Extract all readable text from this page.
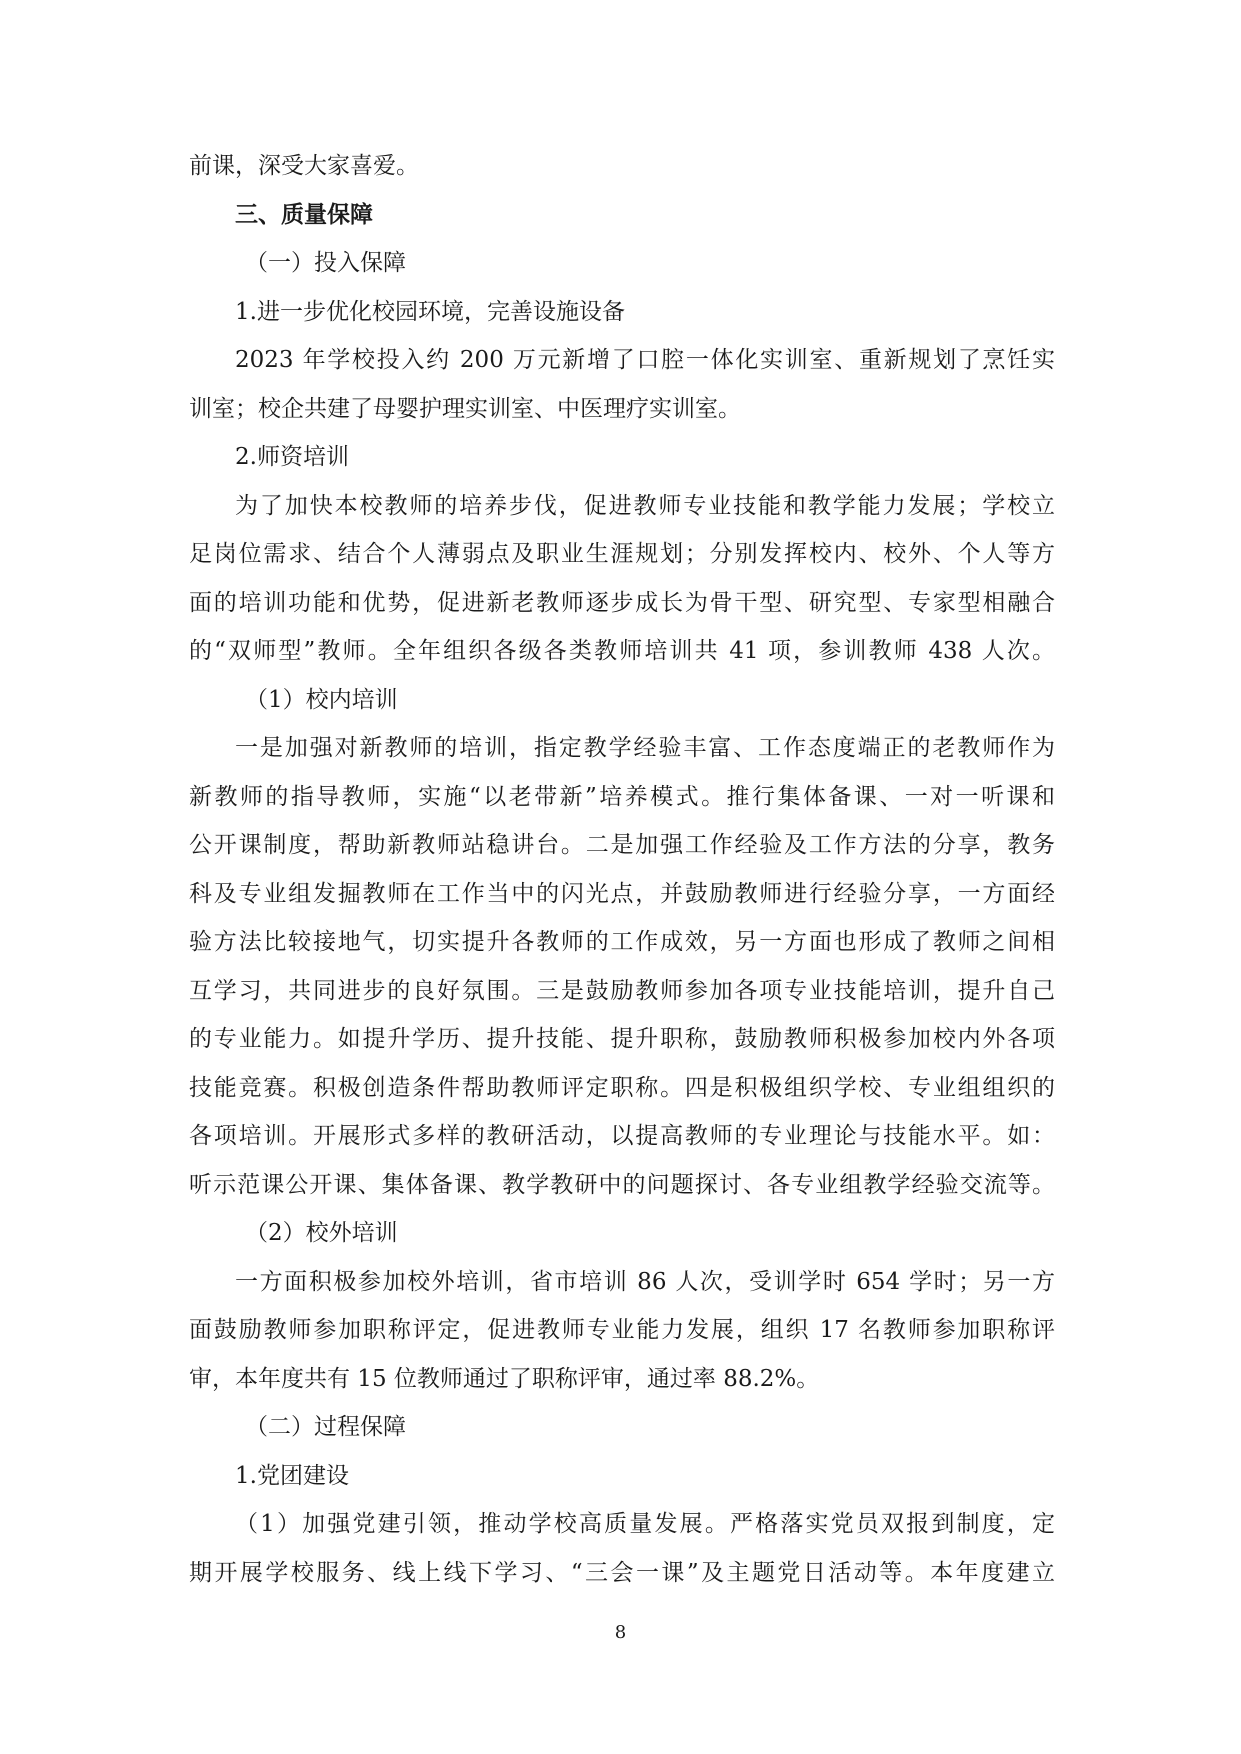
前课，深受大家喜爱。
三、质量保障
（一）投入保障
1.进一步优化校园环境，完善设施设备
2023 年学校投入约 200 万元新增了口腔一体化实训室、重新规划了烹饪实
训室；校企共建了母婴护理实训室、中医理疗实训室。
2.师资培训
为了加快本校教师的培养步伐，促进教师专业技能和教学能力发展；学校立
足岗位需求、结合个人薄弱点及职业生涯规划；分别发挥校内、校外、个人等方
面的培训功能和优势，促进新老教师逐步成长为骨干型、研究型、专家型相融合
的“双师型”教师。全年组织各级各类教师培训共 41 项，参训教师 438 人次。
（1）校内培训
一是加强对新教师的培训，指定教学经验丰富、工作态度端正的老教师作为
新教师的指导教师，实施“以老带新”培养模式。推行集体备课、一对一听课和
公开课制度，帮助新教师站稳讲台。二是加强工作经验及工作方法的分享，教务
科及专业组发掘教师在工作当中的闪光点，并鼓励教师进行经验分享，一方面经
验方法比较接地气，切实提升各教师的工作成效，另一方面也形成了教师之间相
互学习，共同进步的良好氛围。三是鼓励教师参加各项专业技能培训，提升自己
的专业能力。如提升学历、提升技能、提升职称，鼓励教师积极参加校内外各项
技能竞赛。积极创造条件帮助教师评定职称。四是积极组织学校、专业组组织的
各项培训。开展形式多样的教研活动，以提高教师的专业理论与技能水平。如：
听示范课公开课、集体备课、教学教研中的问题探讨、各专业组教学经验交流等。
（2）校外培训
一方面积极参加校外培训，省市培训 86 人次，受训学时 654 学时；另一方
面鼓励教师参加职称评定，促进教师专业能力发展，组织 17 名教师参加职称评
审，本年度共有 15 位教师通过了职称评审，通过率 88.2%。
（二）过程保障
1.党团建设
（1）加强党建引领，推动学校高质量发展。严格落实党员双报到制度，定
期开展学校服务、线上线下学习、“三会一课”及主题党日活动等。本年度建立
8
